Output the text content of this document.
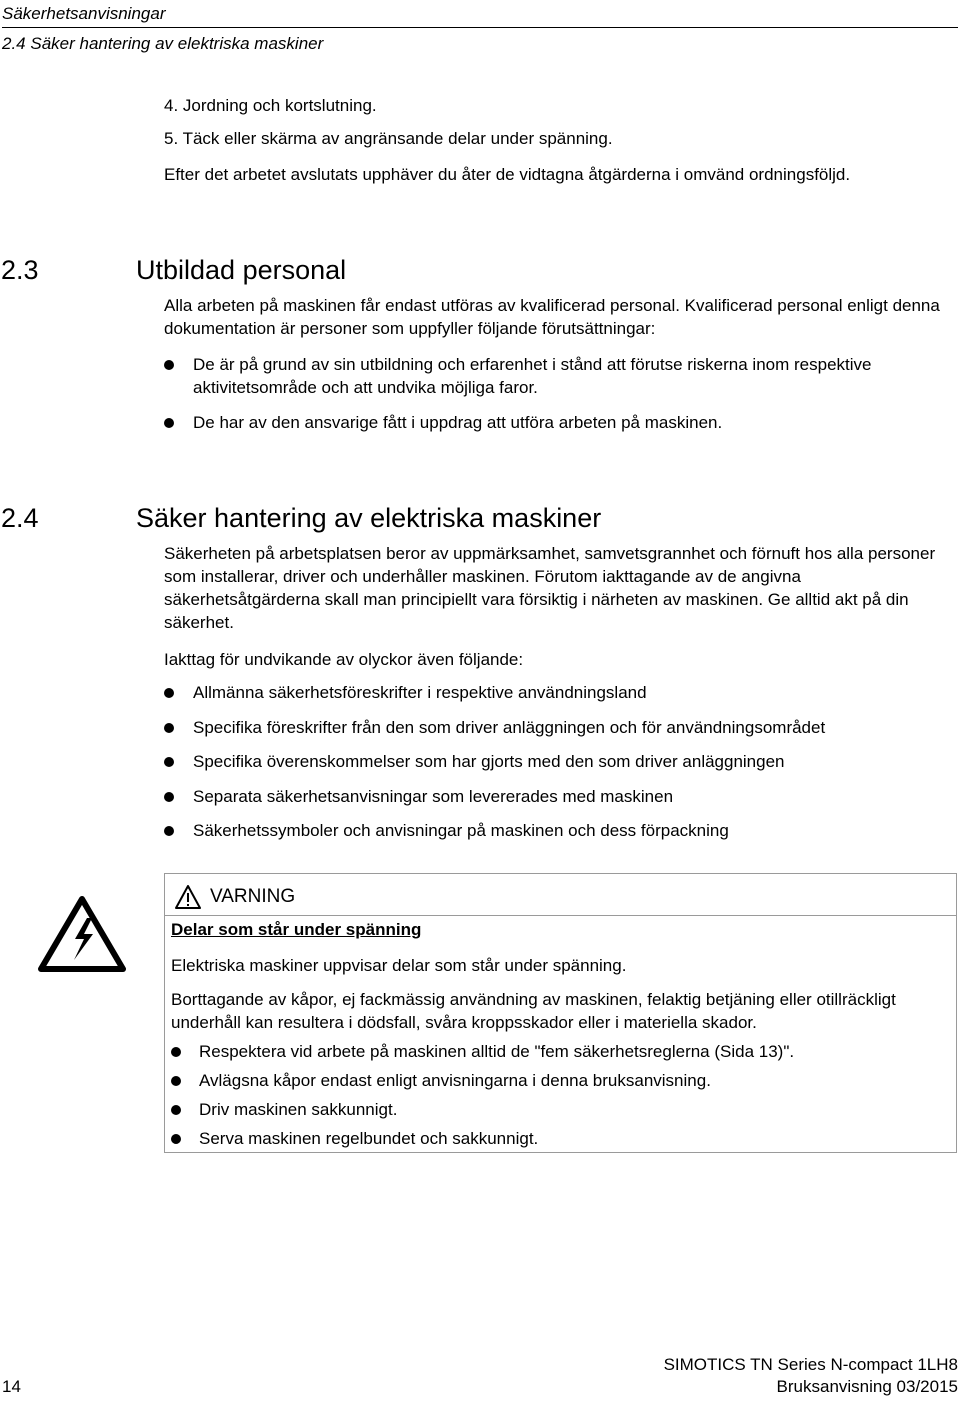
Säkerhetsanvisningar
2.4 Säker hantering av elektriska maskiner
4. Jordning och kortslutning.
5. Täck eller skärma av angränsande delar under spänning.
Efter det arbetet avslutats upphäver du åter de vidtagna åtgärderna i omvänd ordningsföljd.
2.3	Utbildad personal
Alla arbeten på maskinen får endast utföras av kvalificerad personal. Kvalificerad personal enligt denna dokumentation är personer som uppfyller följande förutsättningar:
De är på grund av sin utbildning och erfarenhet i stånd att förutse riskerna inom respektive aktivitetsområde och att undvika möjliga faror.
De har av den ansvarige fått i uppdrag att utföra arbeten på maskinen.
2.4	Säker hantering av elektriska maskiner
Säkerheten på arbetsplatsen beror av uppmärksamhet, samvetsgrannhet och förnuft hos alla personer som installerar, driver och underhåller maskinen. Förutom iakttagande av de angivna säkerhetsåtgärderna skall man principiellt vara försiktig i närheten av maskinen. Ge alltid akt på din säkerhet.
Iakttag för undvikande av olyckor även följande:
Allmänna säkerhetsföreskrifter i respektive användningsland
Specifika föreskrifter från den som driver anläggningen och för användningsområdet
Specifika överenskommelser som har gjorts med den som driver anläggningen
Separata säkerhetsanvisningar som levererades med maskinen
Säkerhetssymboler och anvisningar på maskinen och dess förpackning
VARNING
Delar som står under spänning
Elektriska maskiner uppvisar delar som står under spänning.
Borttagande av kåpor, ej fackmässig användning av maskinen, felaktig betjäning eller otillräckligt underhåll kan resultera i dödsfall, svåra kroppsskador eller i materiella skador.
Respektera vid arbete på maskinen alltid de "fem säkerhetsreglerna (Sida 13)".
Avlägsna kåpor endast enligt anvisningarna i denna bruksanvisning.
Driv maskinen sakkunnigt.
Serva maskinen regelbundet och sakkunnigt.
14
SIMOTICS TN Series N-compact 1LH8
Bruksanvisning 03/2015
